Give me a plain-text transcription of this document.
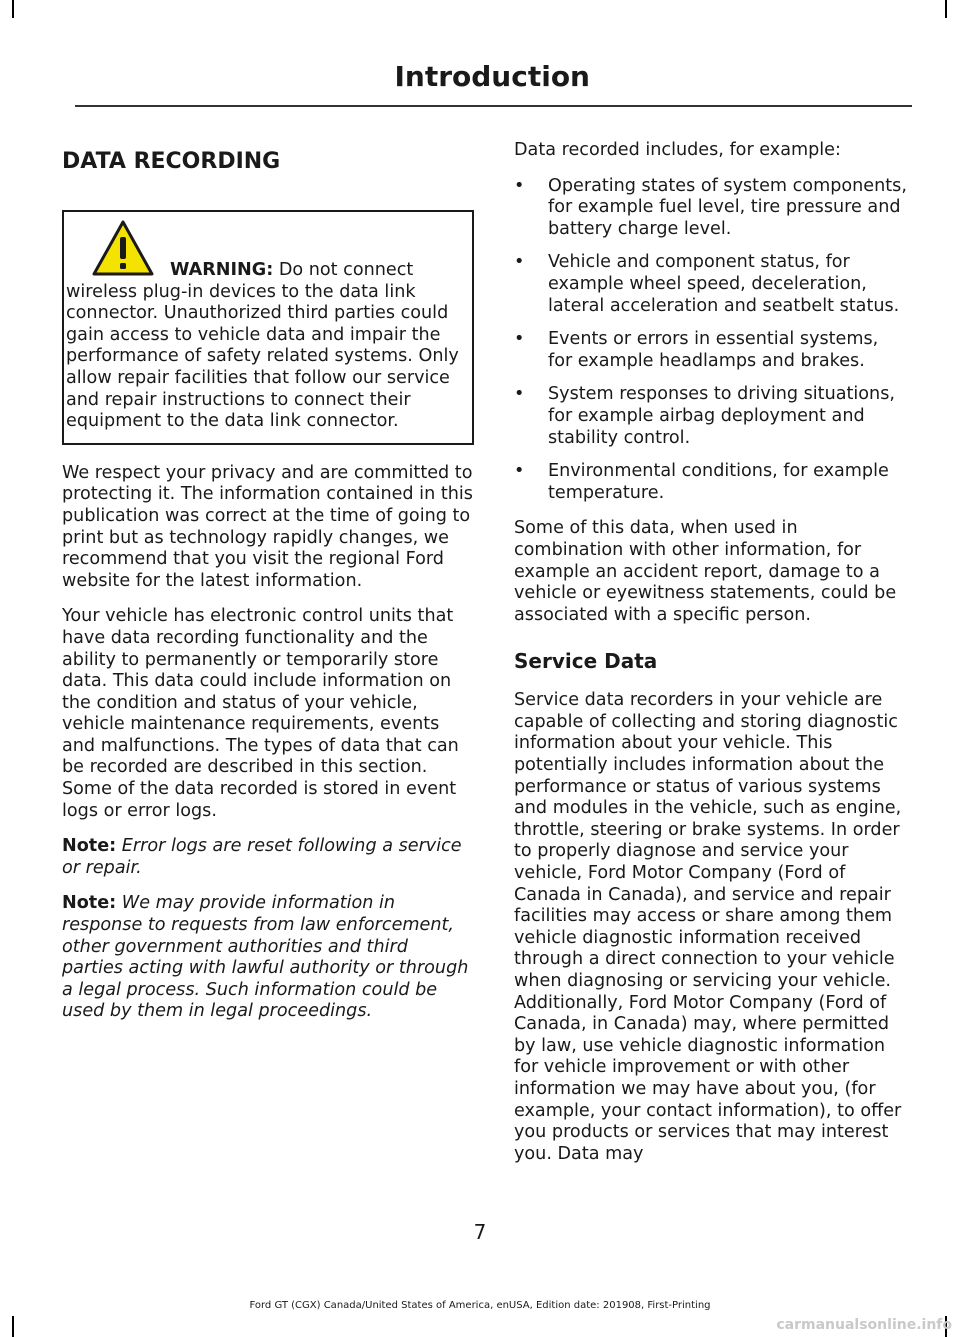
Introduction
DATA RECORDING

WARNING: Do not connect wireless plug-in devices to the data link connector. Unauthorized third parties could gain access to vehicle data and impair the performance of safety related systems. Only allow repair facilities that follow our service and repair instructions to connect their equipment to the data link connector.

We respect your privacy and are committed to protecting it. The information contained in this publication was correct at the time of going to print but as technology rapidly changes, we recommend that you visit the regional Ford website for the latest information.

Your vehicle has electronic control units that have data recording functionality and the ability to permanently or temporarily store data. This data could include information on the condition and status of your vehicle, vehicle maintenance requirements, events and malfunctions. The types of data that can be recorded are described in this section. Some of the data recorded is stored in event logs or error logs.

Note: Error logs are reset following a service or repair.

Note: We may provide information in response to requests from law enforcement, other government authorities and third parties acting with lawful authority or through a legal process. Such information could be used by them in legal proceedings.

Data recorded includes, for example:

• Operating states of system components, for example fuel level, tire pressure and battery charge level.
• Vehicle and component status, for example wheel speed, deceleration, lateral acceleration and seatbelt status.
• Events or errors in essential systems, for example headlamps and brakes.
• System responses to driving situations, for example airbag deployment and stability control.
• Environmental conditions, for example temperature.

Some of this data, when used in combination with other information, for example an accident report, damage to a vehicle or eyewitness statements, could be associated with a specific person.

Service Data

Service data recorders in your vehicle are capable of collecting and storing diagnostic information about your vehicle. This potentially includes information about the performance or status of various systems and modules in the vehicle, such as engine, throttle, steering or brake systems. In order to properly diagnose and service your vehicle, Ford Motor Company (Ford of Canada in Canada), and service and repair facilities may access or share among them vehicle diagnostic information received through a direct connection to your vehicle when diagnosing or servicing your vehicle. Additionally, Ford Motor Company (Ford of Canada, in Canada) may, where permitted by law, use vehicle diagnostic information for vehicle improvement or with other information we may have about you, (for example, your contact information), to offer you products or services that may interest you. Data may

7
Ford GT (CGX) Canada/United States of America, enUSA, Edition date: 201908, First-Printing
carmanualsonline.info
